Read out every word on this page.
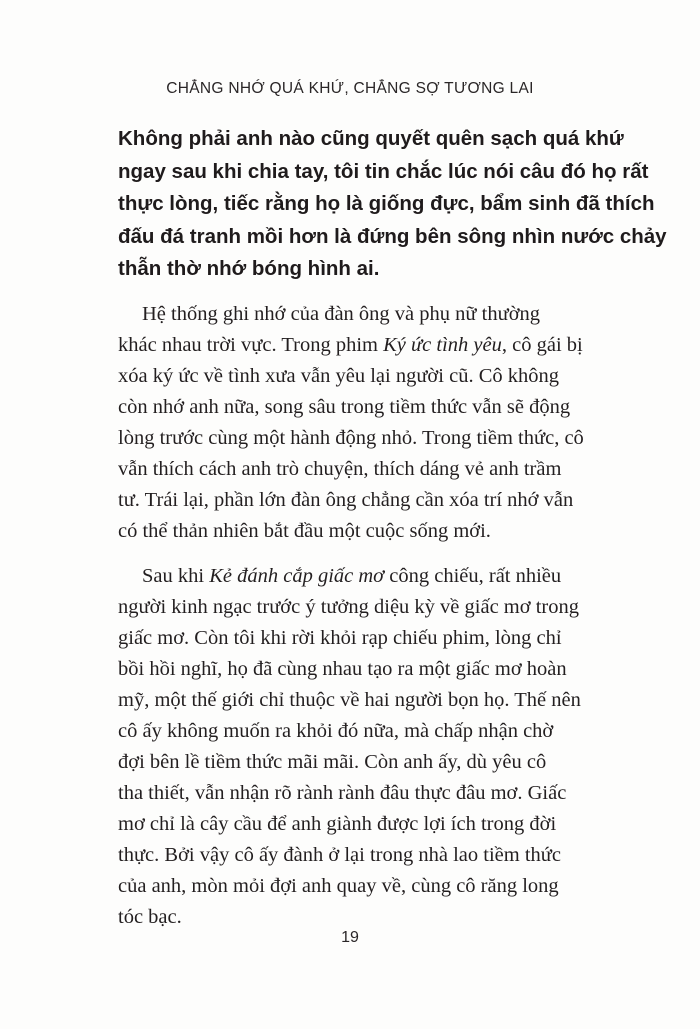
CHẲNG NHỚ QUÁ KHỨ, CHẲNG SỢ TƯƠNG LAI
Không phải anh nào cũng quyết quên sạch quá khứ
ngay sau khi chia tay, tôi tin chắc lúc nói câu đó họ rất
thực lòng, tiếc rằng họ là giống đực, bẩm sinh đã thích
đấu đá tranh mồi hơn là đứng bên sông nhìn nước chảy
thẫn thờ nhớ bóng hình ai.
Hệ thống ghi nhớ của đàn ông và phụ nữ thường
khác nhau trời vực. Trong phim Ký ức tình yêu, cô gái bị
xóa ký ức về tình xưa vẫn yêu lại người cũ. Cô không
còn nhớ anh nữa, song sâu trong tiềm thức vẫn sẽ động
lòng trước cùng một hành động nhỏ. Trong tiềm thức, cô
vẫn thích cách anh trò chuyện, thích dáng vẻ anh trầm
tư. Trái lại, phần lớn đàn ông chẳng cần xóa trí nhớ vẫn
có thể thản nhiên bắt đầu một cuộc sống mới.
Sau khi Kẻ đánh cắp giấc mơ công chiếu, rất nhiều
người kinh ngạc trước ý tưởng diệu kỳ về giấc mơ trong
giấc mơ. Còn tôi khi rời khỏi rạp chiếu phim, lòng chỉ
bồi hồi nghĩ, họ đã cùng nhau tạo ra một giấc mơ hoàn
mỹ, một thế giới chỉ thuộc về hai người bọn họ. Thế nên
cô ấy không muốn ra khỏi đó nữa, mà chấp nhận chờ
đợi bên lề tiềm thức mãi mãi. Còn anh ấy, dù yêu cô
tha thiết, vẫn nhận rõ rành rành đâu thực đâu mơ. Giấc
mơ chỉ là cây cầu để anh giành được lợi ích trong đời
thực. Bởi vậy cô ấy đành ở lại trong nhà lao tiềm thức
của anh, mòn mỏi đợi anh quay về, cùng cô răng long
tóc bạc.
19
